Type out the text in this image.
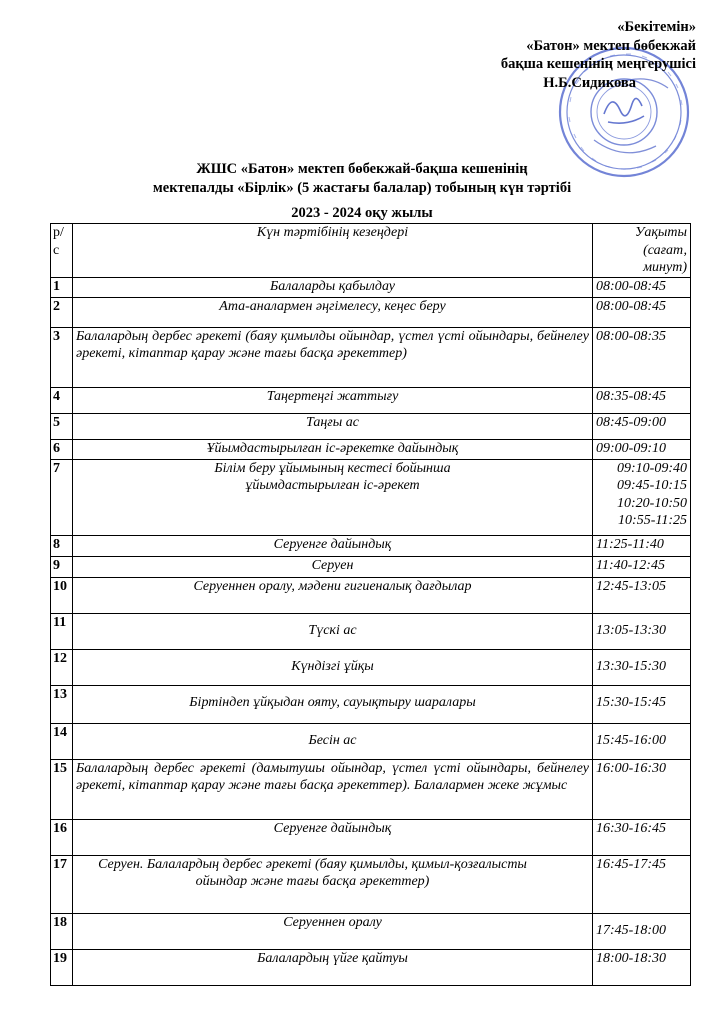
«Бекітемін»
«Батон» мектеп бөбекжай
бақша кешенінің меңгерушісі
Н.Б.Сидикова
ЖШС «Батон» мектеп бөбекжай-бақша кешенінің
мектепалды «Бірлік» (5 жастағы балалар) тобының күн тәртібі
2023 - 2024 оқу жылы
р/с	Күн тәртібінің кезеңдері	Уақыты (сағат, минут)
1	Балаларды қабылдау	08:00-08:45
2	Ата-аналармен әңгімелесу, кеңес беру	08:00-08:45
3	Балалардың дербес әрекеті (баяу қимылды ойындар, үстел үсті ойындары, бейнелеу әрекеті, кітаптар қарау және тағы басқа әрекеттер)	08:00-08:35
4	Таңертеңгі жаттығу	08:35-08:45
5	Таңғы ас	08:45-09:00
6	Ұйымдастырылған іс-әрекетке дайындық	09:00-09:10
7	Білім беру ұйымының кестесі бойынша ұйымдастырылған іс-әрекет	09:10-09:40 09:45-10:15 10:20-10:50 10:55-11:25
8	Серуенге дайындық	11:25-11:40
9	Серуен	11:40-12:45
10	Серуеннен оралу, мәдени гигиеналық дағдылар	12:45-13:05
11	Түскі ас	13:05-13:30
12	Күндізгі ұйқы	13:30-15:30
13	Біртіндеп ұйқыдан ояту, сауықтыру шаралары	15:30-15:45
14	Бесін ас	15:45-16:00
15	Балалардың дербес әрекеті (дамытушы ойындар, үстел үсті ойындары, бейнелеу әрекеті, кітаптар қарау және тағы басқа әрекеттер). Балалармен жеке жұмыс	16:00-16:30
16	Серуенге дайындық	16:30-16:45
17	Серуен. Балалардың дербес әрекеті (баяу қимылды, қимыл-қозғалысты ойындар және тағы басқа әрекеттер)	16:45-17:45
18	Серуеннен оралу	17:45-18:00
19	Балалардың үйге қайтуы	18:00-18:30
